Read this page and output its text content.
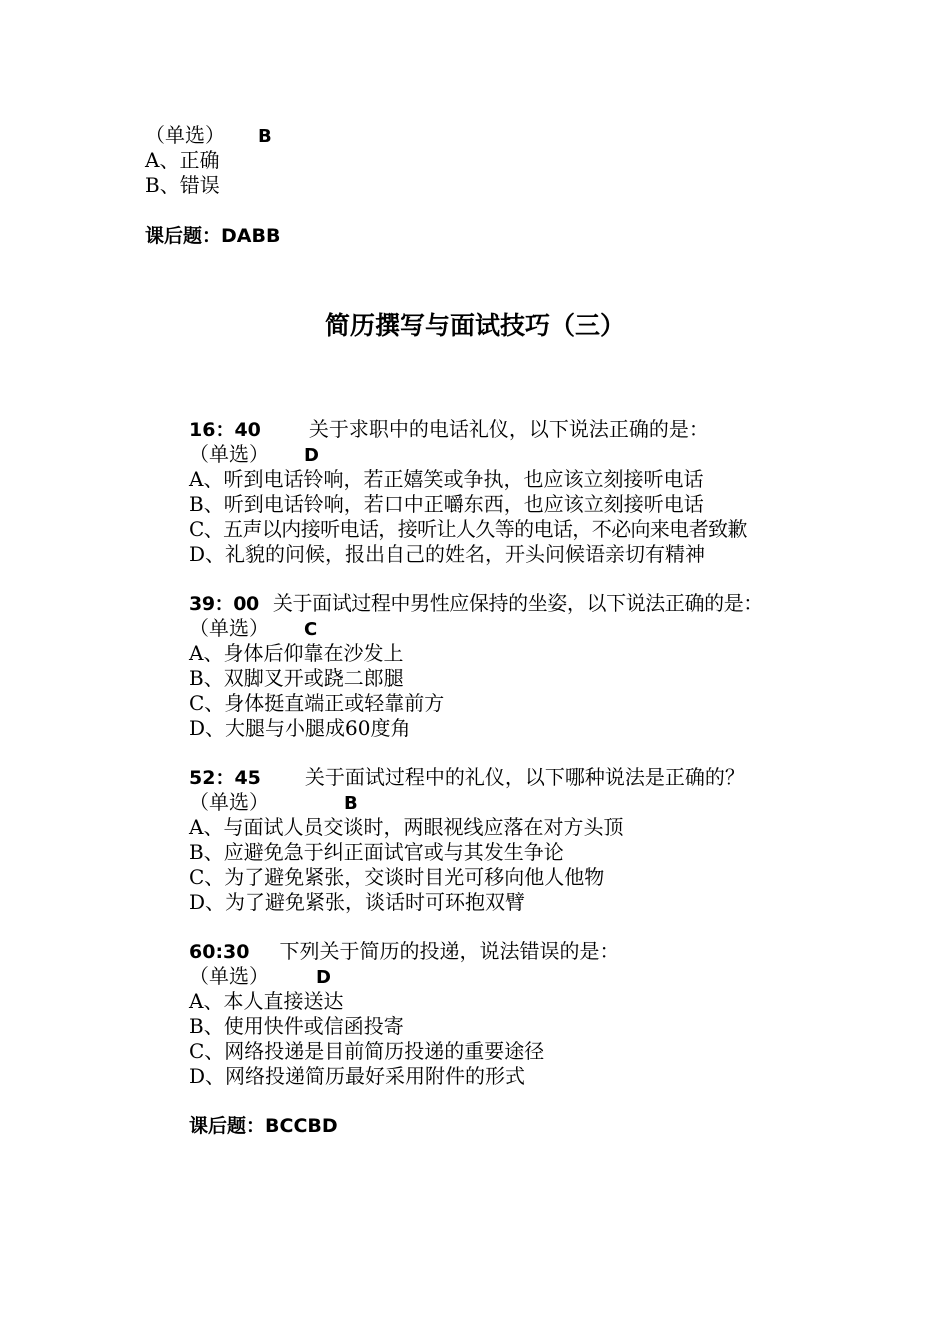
（单选） B
A、正确
B、错误
课后题：DABB
简历撰写与面试技巧（三）
16：40 关于求职中的电话礼仪，以下说法正确的是：
（单选） D
A、听到电话铃响，若正嬉笑或争执，也应该立刻接听电话
B、听到电话铃响，若口中正嚼东西，也应该立刻接听电话
C、五声以内接听电话，接听让人久等的电话，不必向来电者致歉
D、礼貌的问候，报出自己的姓名，开头问候语亲切有精神
39：00 关于面试过程中男性应保持的坐姿，以下说法正确的是：
（单选） C
A、身体后仰靠在沙发上
B、双脚叉开或跷二郎腿
C、身体挺直端正或轻靠前方
D、大腿与小腿成60度角
52：45 关于面试过程中的礼仪，以下哪种说法是正确的？
（单选）	B
A、与面试人员交谈时，两眼视线应落在对方头顶
B、应避免急于纠正面试官或与其发生争论
C、为了避免紧张，交谈时目光可移向他人他物
D、为了避免紧张，谈话时可环抱双臂
60:30 下列关于简历的投递，说法错误的是：
（单选）	D
A、本人直接送达
B、使用快件或信函投寄
C、网络投递是目前简历投递的重要途径
D、网络投递简历最好采用附件的形式
课后题：BCCBD
